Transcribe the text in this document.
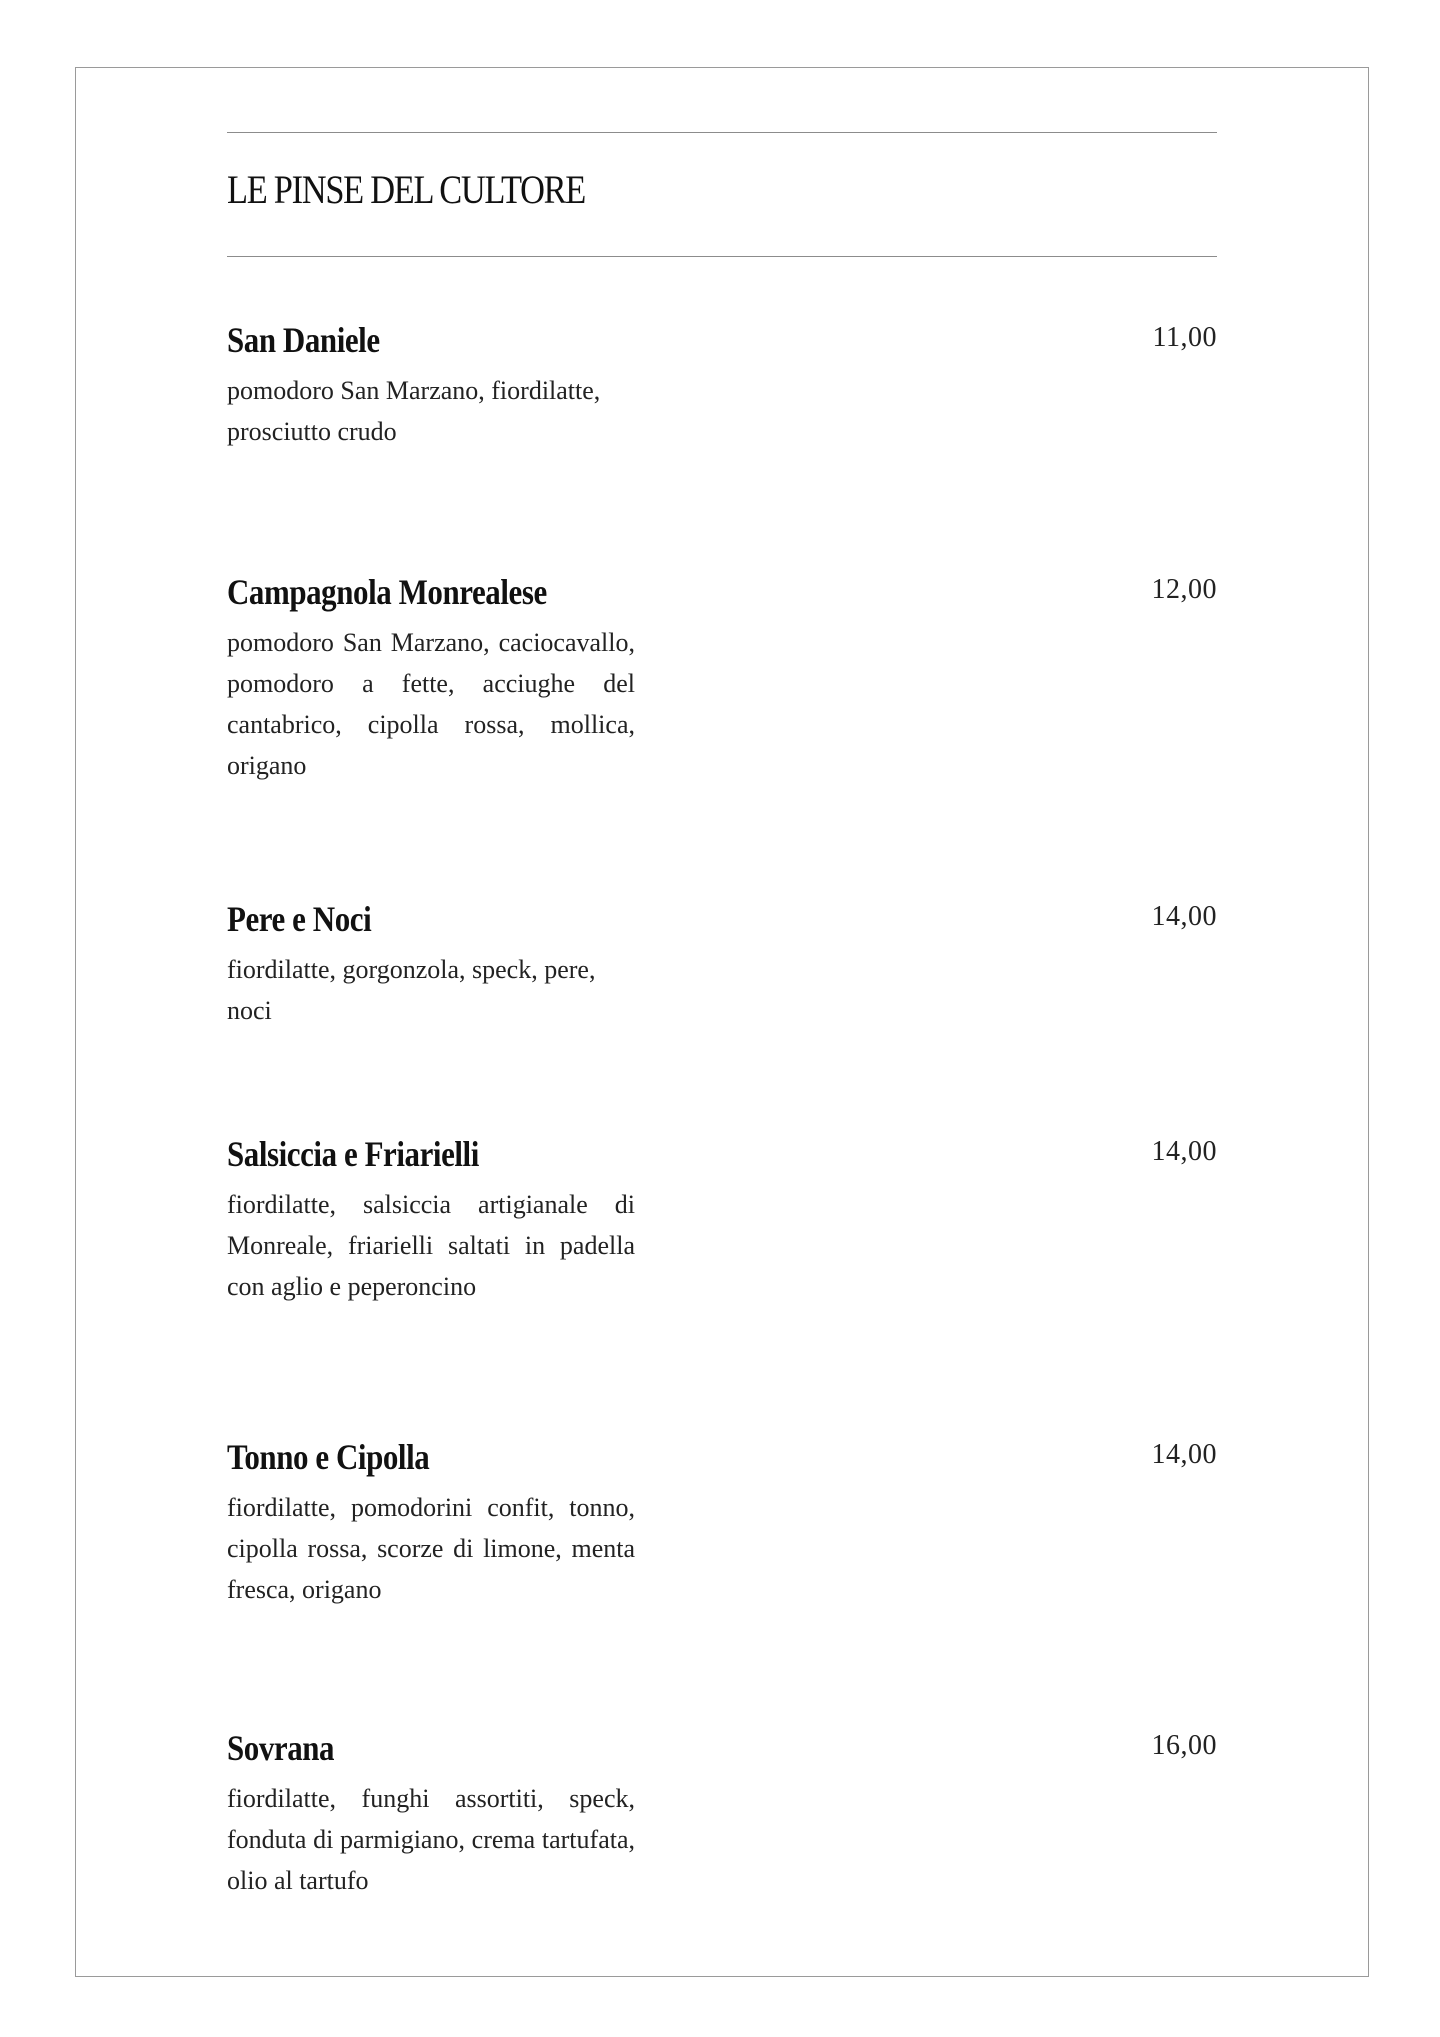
LE PINSE DEL CULTORE
San Daniele	11,00

pomodoro San Marzano, fiordilatte, prosciutto crudo

Campagnola Monrealese	12,00

pomodoro San Marzano, caciocavallo, pomodoro a fette, acciughe del cantabrico, cipolla rossa, mollica, origano

Pere e Noci	14,00

fiordilatte, gorgonzola, speck, pere, noci

Salsiccia e Friarielli	14,00

fiordilatte, salsiccia artigianale di Monreale, friarielli saltati in padella con aglio e peperoncino

Tonno e Cipolla	14,00

fiordilatte, pomodorini confit, tonno, cipolla rossa, scorze di limone, menta fresca, origano

Sovrana	16,00

fiordilatte, funghi assortiti, speck, fonduta di parmigiano, crema tartufata, olio al tartufo
